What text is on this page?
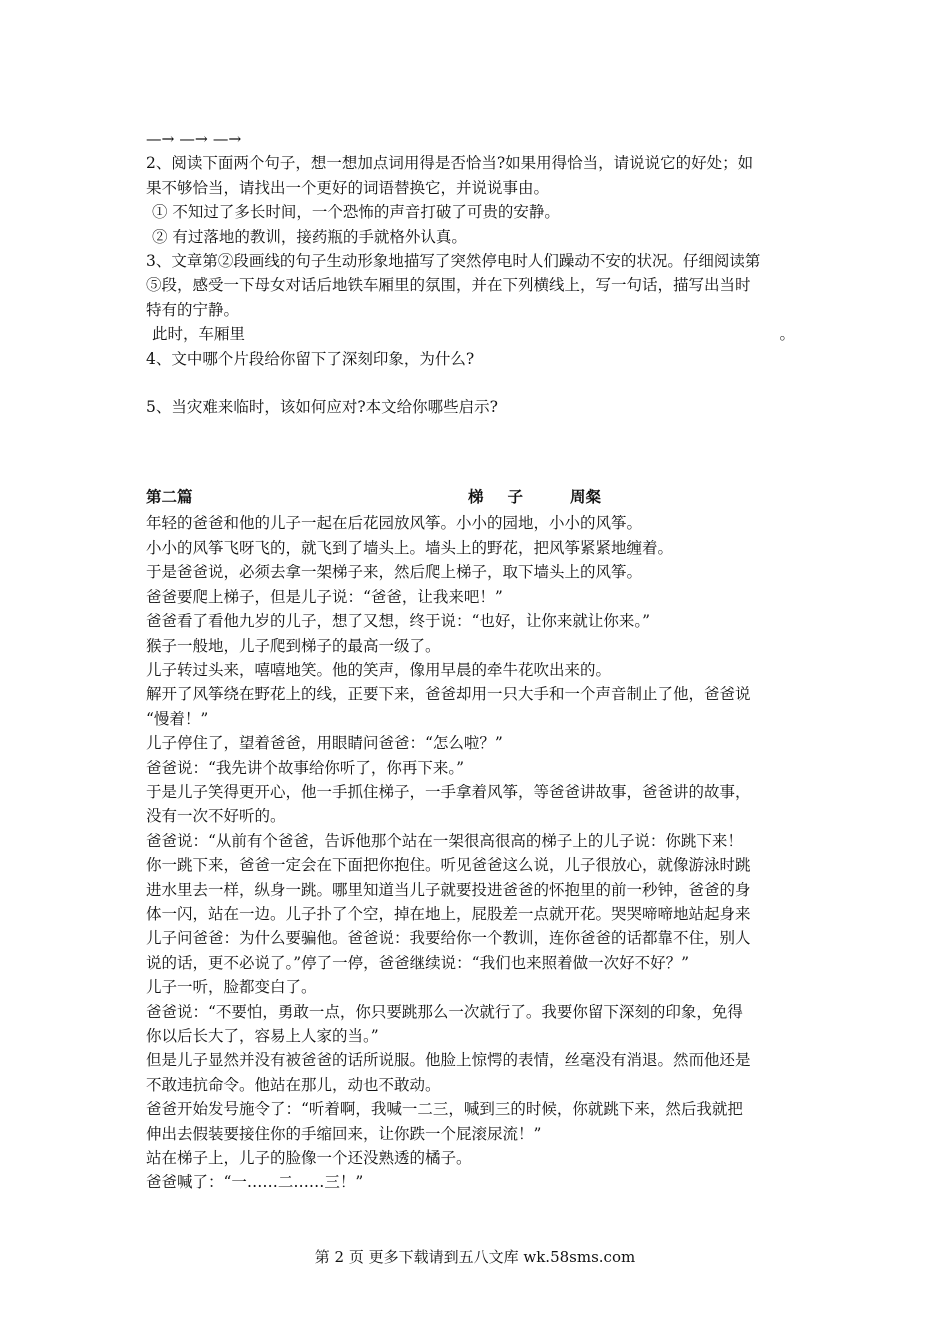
—→ —→ —→
2、阅读下面两个句子，想一想加点词用得是否恰当?如果用得恰当，请说说它的好处；如
果不够恰当，请找出一个更好的词语替换它，并说说事由。
① 不知过了多长时间，一个恐怖的声音打破了可贵的安静。
② 有过落地的教训，接药瓶的手就格外认真。
3、文章第②段画线的句子生动形象地描写了突然停电时人们躁动不安的状况。仔细阅读第
⑤段，感受一下母女对话后地铁车厢里的氛围，并在下列横线上，写一句话，描写出当时
特有的宁静。
此时，车厢里	。
4、文中哪个片段给你留下了深刻印象，为什么?
5、当灾难来临时，该如何应对?本文给你哪些启示?
第二篇	梯子 周粲
年轻的爸爸和他的儿子一起在后花园放风筝。小小的园地，小小的风筝。
小小的风筝飞呀飞的，就飞到了墙头上。墙头上的野花，把风筝紧紧地缠着。
于是爸爸说，必须去拿一架梯子来，然后爬上梯子，取下墙头上的风筝。
爸爸要爬上梯子，但是儿子说：“爸爸，让我来吧！”
爸爸看了看他九岁的儿子，想了又想，终于说：“也好，让你来就让你来。”
猴子一般地，儿子爬到梯子的最高一级了。
儿子转过头来，嘻嘻地笑。他的笑声，像用早晨的牵牛花吹出来的。
解开了风筝绕在野花上的线，正要下来，爸爸却用一只大手和一个声音制止了他，爸爸说
“慢着！”
儿子停住了，望着爸爸，用眼睛问爸爸：“怎么啦？”
爸爸说：“我先讲个故事给你听了，你再下来。”
于是儿子笑得更开心，他一手抓住梯子，一手拿着风筝，等爸爸讲故事，爸爸讲的故事，
没有一次不好听的。
爸爸说：“从前有个爸爸，告诉他那个站在一架很高很高的梯子上的儿子说：你跳下来！
你一跳下来，爸爸一定会在下面把你抱住。听见爸爸这么说，儿子很放心，就像游泳时跳
进水里去一样，纵身一跳。哪里知道当儿子就要投进爸爸的怀抱里的前一秒钟，爸爸的身
体一闪，站在一边。儿子扑了个空，掉在地上，屁股差一点就开花。哭哭啼啼地站起身来
儿子问爸爸：为什么要骗他。爸爸说：我要给你一个教训，连你爸爸的话都靠不住，别人
说的话，更不必说了。”停了一停，爸爸继续说：“我们也来照着做一次好不好？”
儿子一听，脸都变白了。
爸爸说：“不要怕，勇敢一点，你只要跳那么一次就行了。我要你留下深刻的印象，免得
你以后长大了，容易上人家的当。”
但是儿子显然并没有被爸爸的话所说服。他脸上惊愕的表情，丝毫没有消退。然而他还是
不敢违抗命令。他站在那儿，动也不敢动。
爸爸开始发号施令了：“听着啊，我喊一二三，喊到三的时候，你就跳下来，然后我就把
伸出去假装要接住你的手缩回来，让你跌一个屁滚尿流！”
站在梯子上，儿子的脸像一个还没熟透的橘子。
爸爸喊了：“一……二……三！”
第 2 页 更多下载请到五八文库 wk.58sms.com
